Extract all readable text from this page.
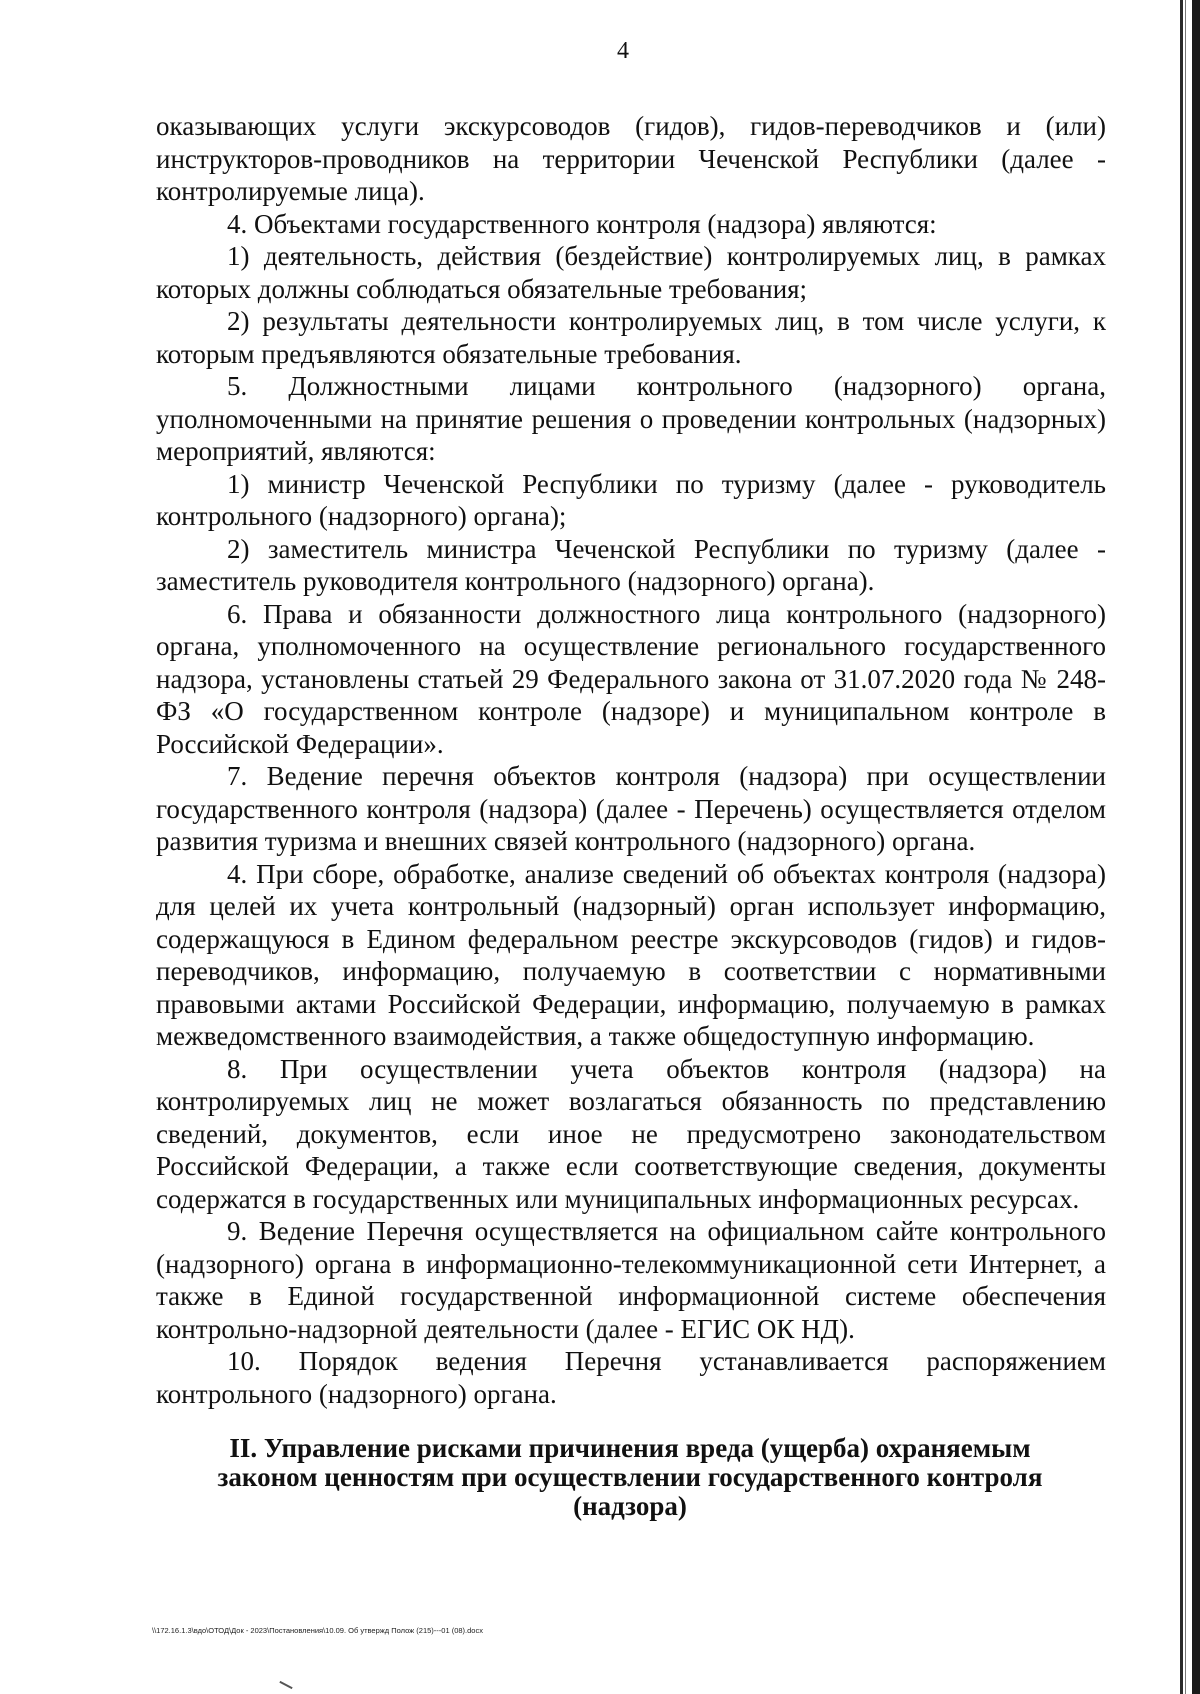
4

оказывающих услуги экскурсоводов (гидов), гидов-переводчиков и (или) инструкторов-проводников на территории Чеченской Республики (далее - контролируемые лица).

4. Объектами государственного контроля (надзора) являются:

1) деятельность, действия (бездействие) контролируемых лиц, в рамках которых должны соблюдаться обязательные требования;

2) результаты деятельности контролируемых лиц, в том числе услуги, к которым предъявляются обязательные требования.

5. Должностными лицами контрольного (надзорного) органа, уполномоченными на принятие решения о проведении контрольных (надзорных) мероприятий, являются:

1) министр Чеченской Республики по туризму (далее - руководитель контрольного (надзорного) органа);

2) заместитель министра Чеченской Республики по туризму (далее - заместитель руководителя контрольного (надзорного) органа).

6. Права и обязанности должностного лица контрольного (надзорного) органа, уполномоченного на осуществление регионального государственного надзора, установлены статьей 29 Федерального закона от 31.07.2020 года № 248-ФЗ «О государственном контроле (надзоре) и муниципальном контроле в Российской Федерации».

7. Ведение перечня объектов контроля (надзора) при осуществлении государственного контроля (надзора) (далее - Перечень) осуществляется отделом развития туризма и внешних связей контрольного (надзорного) органа.

4. При сборе, обработке, анализе сведений об объектах контроля (надзора) для целей их учета контрольный (надзорный) орган использует информацию, содержащуюся в Едином федеральном реестре экскурсоводов (гидов) и гидов-переводчиков, информацию, получаемую в соответствии с нормативными правовыми актами Российской Федерации, информацию, получаемую в рамках межведомственного взаимодействия, а также общедоступную информацию.

8. При осуществлении учета объектов контроля (надзора) на контролируемых лиц не может возлагаться обязанность по представлению сведений, документов, если иное не предусмотрено законодательством Российской Федерации, а также если соответствующие сведения, документы содержатся в государственных или муниципальных информационных ресурсах.

9. Ведение Перечня осуществляется на официальном сайте контрольного (надзорного) органа в информационно-телекоммуникационной сети Интернет, а также в Единой государственной информационной системе обеспечения контрольно-надзорной деятельности (далее - ЕГИС ОК НД).

10. Порядок ведения Перечня устанавливается распоряжением контрольного (надзорного) органа.

II. Управление рисками причинения вреда (ущерба) охраняемым
законом ценностям при осуществлении государственного контроля
(надзора)
\\172.16.1.3\вдо\ОТОД\Док - 2023\Постановления\10.09. Об утвержд Полож (215)---01 (08).docx
